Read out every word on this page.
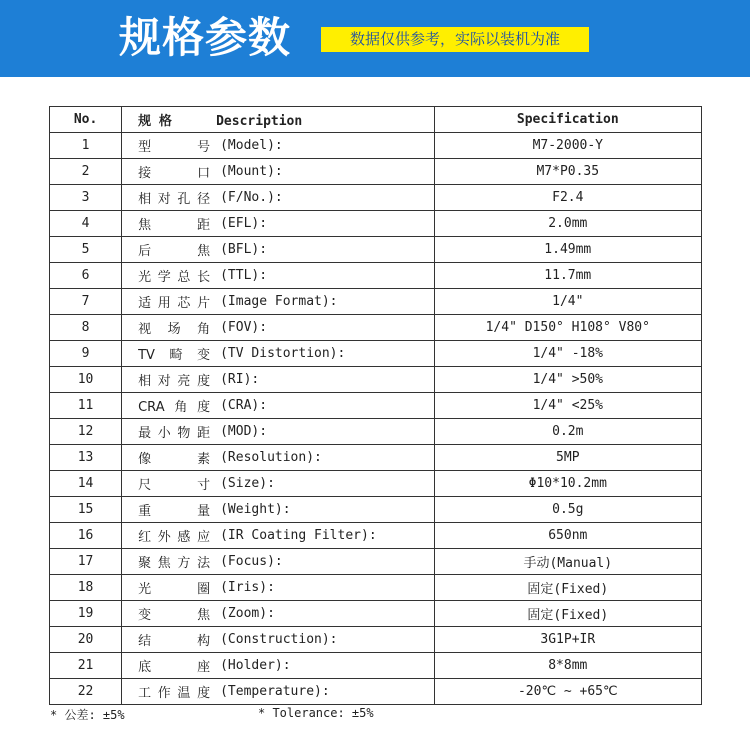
规格参数	数据仅供参考，实际以装机为准
No.	规 格 Description	Specification
1	型号 (Model):	M7-2000-Y
2	接口 (Mount):	M7*P0.35
3	相对孔径 (F/No.):	F2.4
4	焦距 (EFL):	2.0mm
5	后焦 (BFL):	1.49mm
6	光学总长 (TTL):	11.7mm
7	适用芯片 (Image Format):	1/4"
8	视场角 (FOV):	1/4" D150° H108° V80°
9	TV畸变 (TV Distortion):	1/4" -18%
10	相对亮度 (RI):	1/4" >50%
11	CRA角度 (CRA):	1/4" <25%
12	最小物距 (MOD):	0.2m
13	像素 (Resolution):	5MP
14	尺寸 (Size):	Φ10*10.2mm
15	重量 (Weight):	0.5g
16	红外感应 (IR Coating Filter):	650nm
17	聚焦方法 (Focus):	手动(Manual)
18	光圈 (Iris):	固定(Fixed)
19	变焦 (Zoom):	固定(Fixed)
20	结构 (Construction):	3G1P+IR
21	底座 (Holder):	8*8mm
22	工作温度 (Temperature):	-20℃ ~ +65℃
* 公差: ±5%	* Tolerance: ±5%
